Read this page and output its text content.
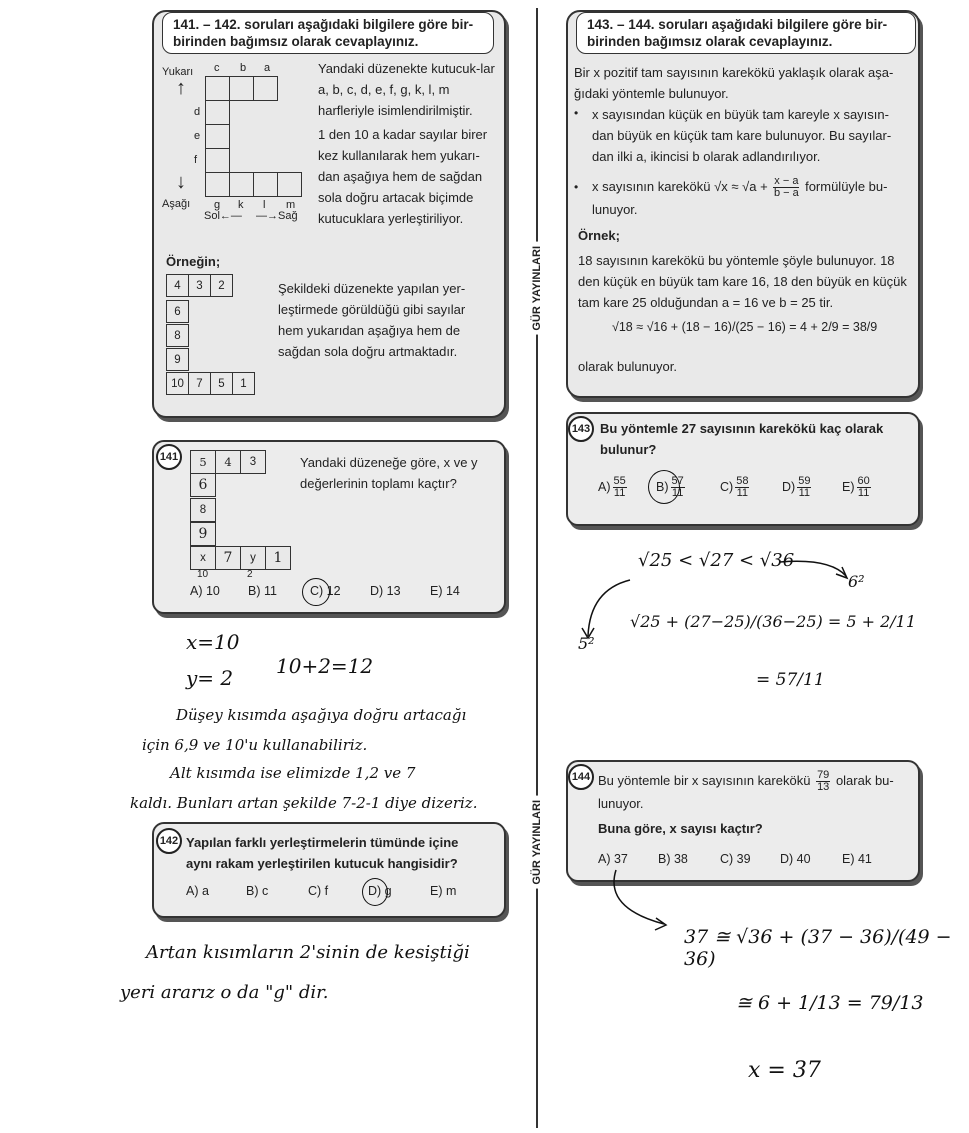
GÜR YAYINLARI
GÜR YAYINLARI
141. – 142. soruları aşağıdaki bilgilere göre bir-birinden bağımsız olarak cevaplayınız.
Yukarı
↑
↓
Aşağı
Sol←— —→Sağ
c b a
d
e
f
g k l m
Yandaki düzenekte kutucuk-lar a, b, c, d, e, f, g, k, l, m harfleriyle isimlendirilmiştir.
1 den 10 a kadar sayılar birer kez kullanılarak hem yukarı-dan aşağıya hem de sağdan sola doğru artacak biçimde kutucuklara yerleştiriliyor.
Örneğin;
4	3	2
6
8
9
10	7	5	1
Şekildeki düzenekte yapılan yer-leştirmede görüldüğü gibi sayılar hem yukarıdan aşağıya hem de sağdan sola doğru artmaktadır.
141	5	4	3
6
8
9
x	7	y	1
10	2
Yandaki düzeneğe göre, x ve y değerlerinin toplamı kaçtır?
A) 10 B) 11	C) 12 D) 13 E) 14
x=10
y= 2 10+2=12
Düşey kısımda aşağıya doğru artacağı
için 6,9 ve 10'u kullanabiliriz.
Alt kısımda ise elimizde 1,2 ve 7
kaldı. Bunları artan şekilde 7-2-1 diye dizeriz.
142 Yapılan farklı yerleştirmelerin tümünde içine aynı rakam yerleştirilen kutucuk hangisidir?
A) a	B) c	C) f	D) g	E) m
Artan kısımların 2'sinin de kesiştiği
yeri ararız o da "g" dir.
143. – 144. soruları aşağıdaki bilgilere göre bir-birinden bağımsız olarak cevaplayınız.
Bir x pozitif tam sayısının karekökü yaklaşık olarak aşa-ğıdaki yöntemle bulunuyor.
• x sayısından küçük en büyük tam kareyle x sayısın-dan büyük en küçük tam kare bulunuyor. Bu sayılar-dan ilki a, ikincisi b olarak adlandırılıyor.
• x sayısının karekökü $√x \approx √a + \frac{x - a}{b - a}$ formülüyle bu-lunuyor.
Örnek;
18 sayısının karekökü bu yöntemle şöyle bulunuyor. 18 den küçük en büyük tam kare 16, 18 den büyük en küçük tam kare 25 olduğundan a = 16 ve b = 25 tir.
√18 ≈ √16 + (18 − 16)/(25 − 16) = 4 + 2/9 = 38/9
olarak bulunuyor.
143 Bu yöntemle 27 sayısının karekökü kaç olarak bulunur?
$A) \frac{55}{11} B) \frac{57}{11}$	$C) \frac{58}{11}$	$D) \frac{59}{11} E) \frac{60}{11}$
√25 < √27 < √36
5²
6²
√25 + (27−25)/(36−25) = 5 + 2/11
= 57/11
144 Bu yöntemle bir x sayısının karekökü $\frac{79}{13}$ olarak bu-lunuyor.
Buna göre, x sayısı kaçtır?
A) 37 B) 38	C) 39 D) 40	E) 41
37 ≅ √36 + (37 − 36)/(49 − 36)
≅ 6 + 1/13 = 79/13
x = 37
